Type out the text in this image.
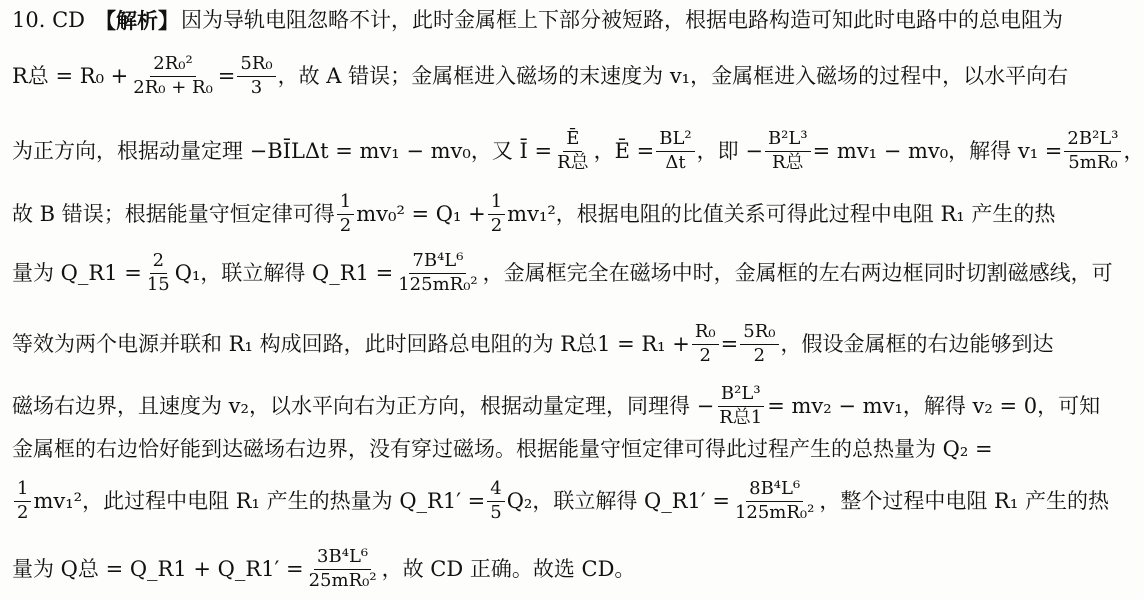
10. CD 【解析】 因为导轨电阻忽略不计，此时金属框上下部分被短路，根据电路构造可知此时电路中的总电阻为
R总 = $R_0 + \frac{\text{2R₀²}}{\text{2R₀ + R₀}} = \frac{\text{5R₀}}{3}$ ，故 A 错误；金属框进入磁场的末速度为 v₁，金属框进入磁场的过程中，以水平向右
为正方向，根据动量定理 −BĪLΔt = mv₁ − mv₀，又 Ī = $\frac{Ē}{\text{R总}}$ ，Ē = $\frac{\text{BL²}}{\Delta t}$ ，即 − $\frac{\text{B²L³}}{\text{R总}} = mv_1 - mv_0$，解得 $v_1 = \frac{\text{2B²L³}}{\text{5mR₀}}$ ，
故 B 错误；根据能量守恒定律可得 $\frac{1}{2} mv_0^2 = Q_1 + \frac{1}{2} mv_1^2$，根据电阻的比值关系可得此过程中电阻 R₁ 产生的热
量为 Q_R1 = $\frac{2}{15} Q_1$，联立解得 Q_R1 = $\frac{\text{7B⁴L⁶}}{\text{125mR₀²}}$ ，金属框完全在磁场中时，金属框的左右两边框同时切割磁感线，可
等效为两个电源并联和 R₁ 构成回路，此时回路总电阻的为 R总$1 = R_1 + \frac{\text{R₀}}{2} = \frac{\text{5R₀}}{2}$ ，假设金属框的右边能够到达
磁场右边界，且速度为 v₂，以水平向右为正方向，根据动量定理，同理得 − $\frac{\text{B²L³}}{\text{R总1}} = mv_2 - mv_1$，解得 v₂ = 0，可知
金属框的右边恰好能到达磁场右边界，没有穿过磁场。根据能量守恒定律可得此过程产生的总热量为 Q₂ =
$\frac{1}{2} mv_1^2$，此过程中电阻 R₁ 产生的热量为 Q_R1′ = $\frac{4}{5} Q_2$，联立解得 Q_R1′ = $\frac{\text{8B⁴L⁶}}{\text{125mR₀²}}$ ，整个过程中电阻 R₁ 产生的热
量为 Q总 = Q_R1 + Q_R1′ = $\frac{\text{3B⁴L⁶}}{\text{25mR₀²}}$ ，故 CD 正确。故选 CD。
